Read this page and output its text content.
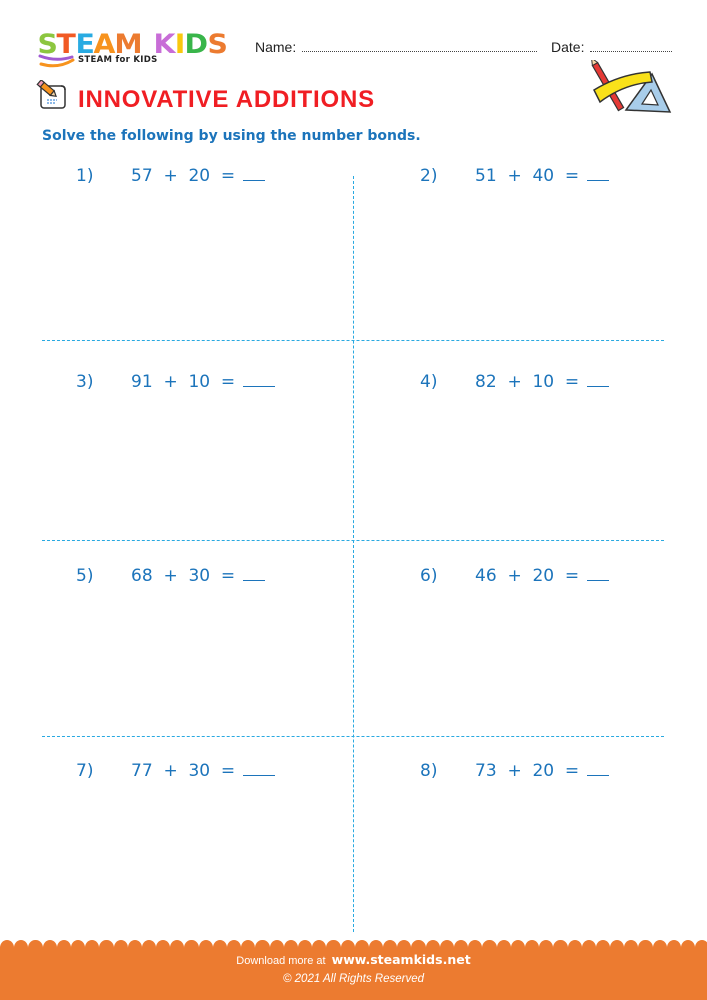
S T E A
M K I D
S
STEAM for KIDS
Name:	Date:
INNOVATIVE ADDITIONS
Solve the following by using the number bonds.
1)	57  +  20  =	2)	51  +  40  =
3)	91  +  10  =	4)	82  +  10  =
5)	68  +  30  =	6)	46  +  20  =
7)	77  +  30  =	8)	73  +  20  =
Download more at www.steamkids.net
© 2021 All Rights Reserved
